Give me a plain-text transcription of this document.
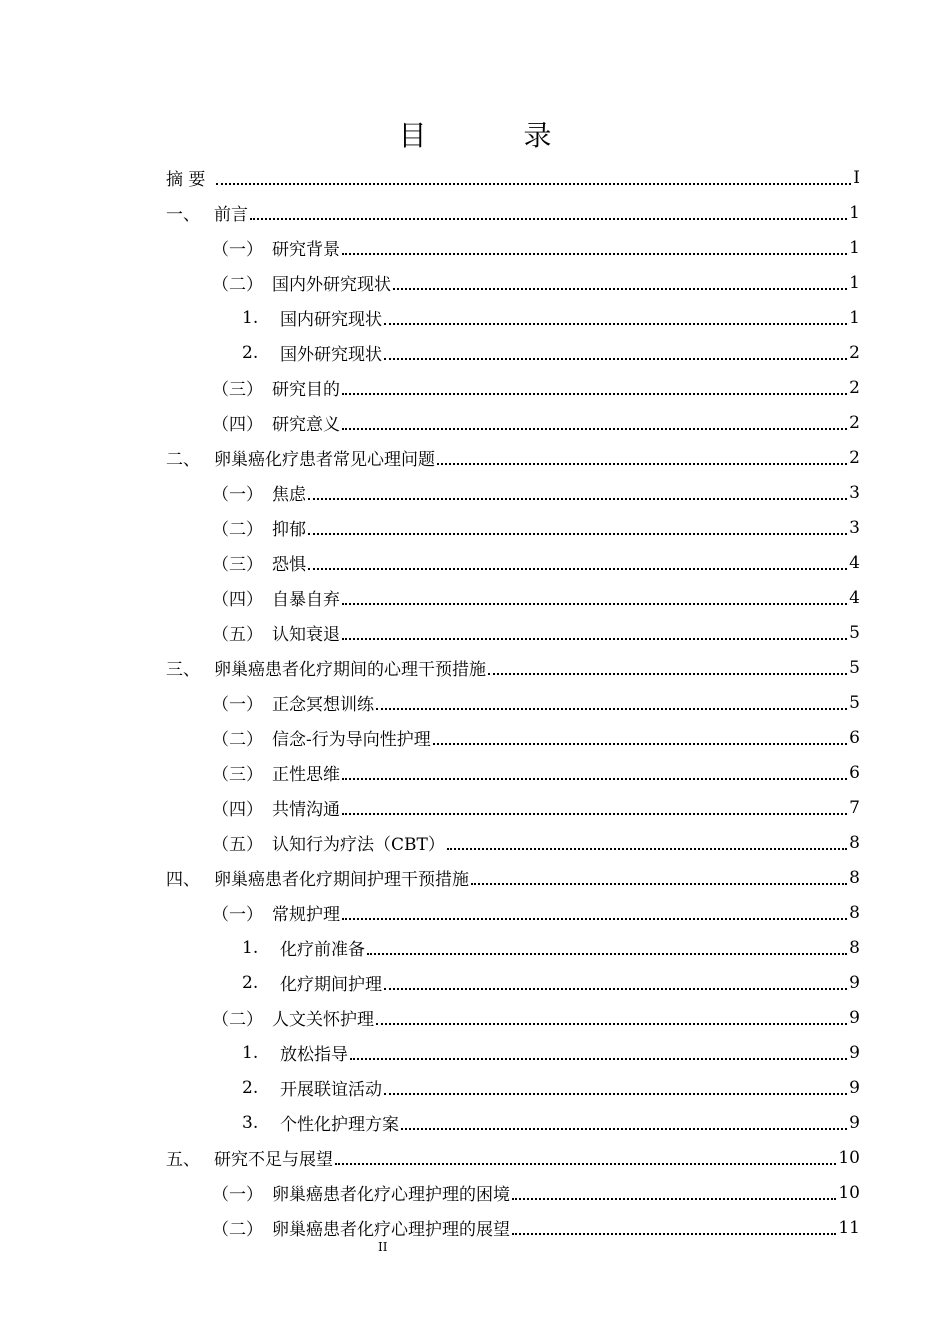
目 录
摘 要	I
一、 前言	1
（一） 研究背景	1
（二） 国内外研究现状	1
1.	国内研究现状	1
2.	国外研究现状	2
（三） 研究目的	2
（四） 研究意义	2
二、 卵巢癌化疗患者常见心理问题	2
（一） 焦虑	3
（二） 抑郁	3
（三） 恐惧	4
（四） 自暴自弃	4
（五） 认知衰退	5
三、 卵巢癌患者化疗期间的心理干预措施	5
（一） 正念冥想训练	5
（二） 信念-行为导向性护理	6
（三） 正性思维	6
（四） 共情沟通	7
（五） 认知行为疗法（CBT）	8
四、 卵巢癌患者化疗期间护理干预措施	8
（一） 常规护理	8
1.	化疗前准备	8
2.	化疗期间护理	9
（二） 人文关怀护理	9
1.	放松指导	9
2.	开展联谊活动	9
3.	个性化护理方案	9
五、 研究不足与展望	10
（一） 卵巢癌患者化疗心理护理的困境	10
（二） 卵巢癌患者化疗心理护理的展望	11
II
